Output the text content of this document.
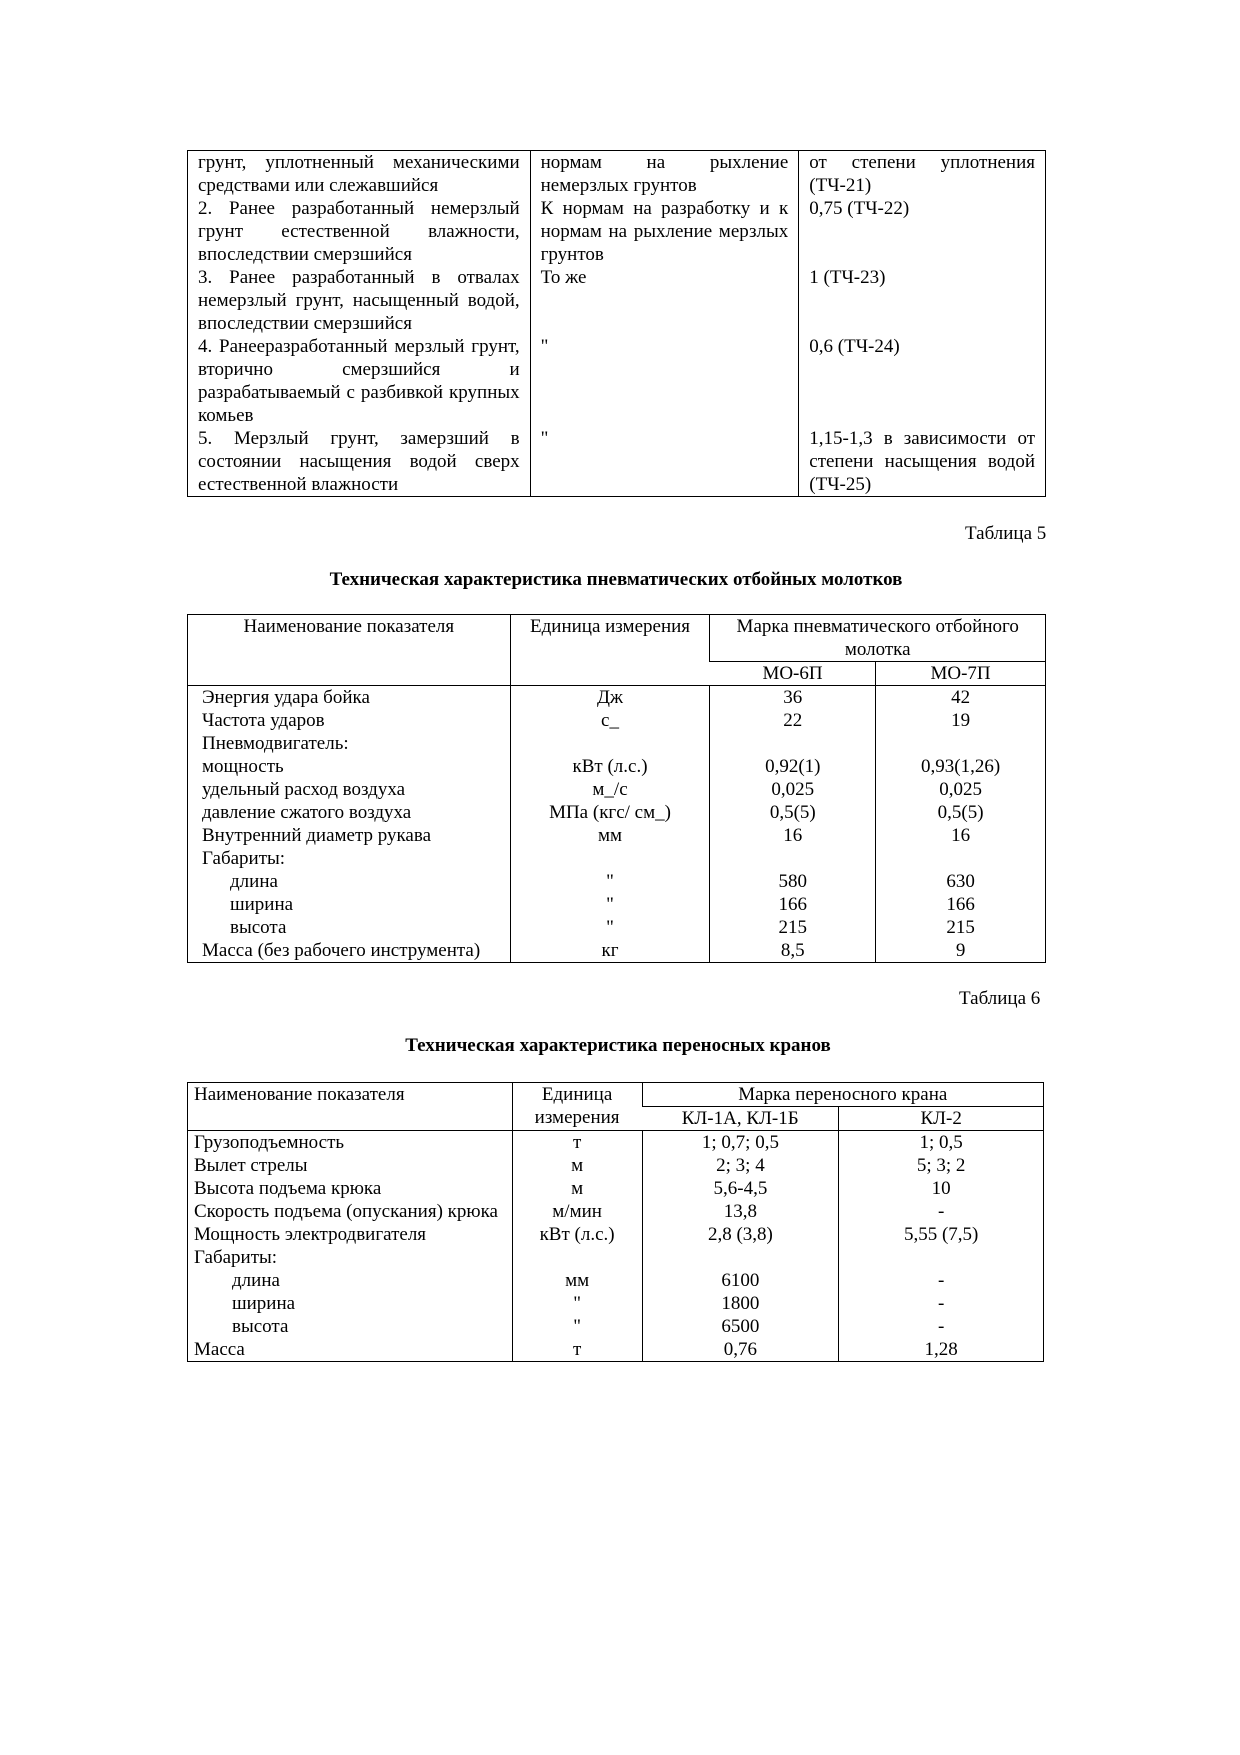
грунт, уплотненный механическими средствами или слежавшийся	нормам на рыхление немерзлых грунтов	от степени уплотнения (ТЧ-21)
2. Ранее разработанный немерзлый грунт естественной влажности, впоследствии смерзшийся	К нормам на разработку и к нормам на рыхление мерзлых грунтов	0,75 (ТЧ-22)
3. Ранее разработанный в отвалах немерзлый грунт, насыщенный водой, впоследствии смерзшийся	То же	1 (ТЧ-23)
4. Ранееразработанный мерзлый грунт, вторично смерзшийся и разрабатываемый с разбивкой крупных комьев	"	0,6 (ТЧ-24)
5. Мерзлый грунт, замерзший в состоянии насыщения водой сверх естественной влажности	"	1,15-1,3 в зависимости от степени насыщения водой (ТЧ-25)
Таблица 5
Техническая характеристика пневматических отбойных молотков
Наименование показателя	Единица измерения	Марка пневматического отбойного молотка	
		МО-6П	МО-7П
Энергия удара бойка	Дж	36	42
Частота ударов	с_	22	19
Пневмодвигатель:			
мощность	кВт (л.с.)	0,92(1)	0,93(1,26)
удельный расход воздуха	м_/с	0,025	0,025
давление сжатого воздуха	МПа (кгс/ см_)	0,5(5)	0,5(5)
Внутренний диаметр рукава	мм	16	16
Габариты:			
длина	"	580	630
ширина	"	166	166
высота	"	215	215
Масса (без рабочего инструмента)	кг	8,5	9
Таблица 6
Техническая характеристика переносных кранов
Наименование показателя	Единица измерения	Марка переносного крана	
		КЛ-1А, КЛ-1Б	КЛ-2
Грузоподъемность	т	1; 0,7; 0,5	1; 0,5
Вылет стрелы	м	2; 3; 4	5; 3; 2
Высота подъема крюка	м	5,6-4,5	10
Скорость подъема (опускания) крюка	м/мин	13,8	-
Мощность электродвигателя	кВт (л.с.)	2,8 (3,8)	5,55 (7,5)
Габариты:			
длина	мм	6100	-
ширина	"	1800	-
высота	"	6500	-
Масса	т	0,76	1,28
